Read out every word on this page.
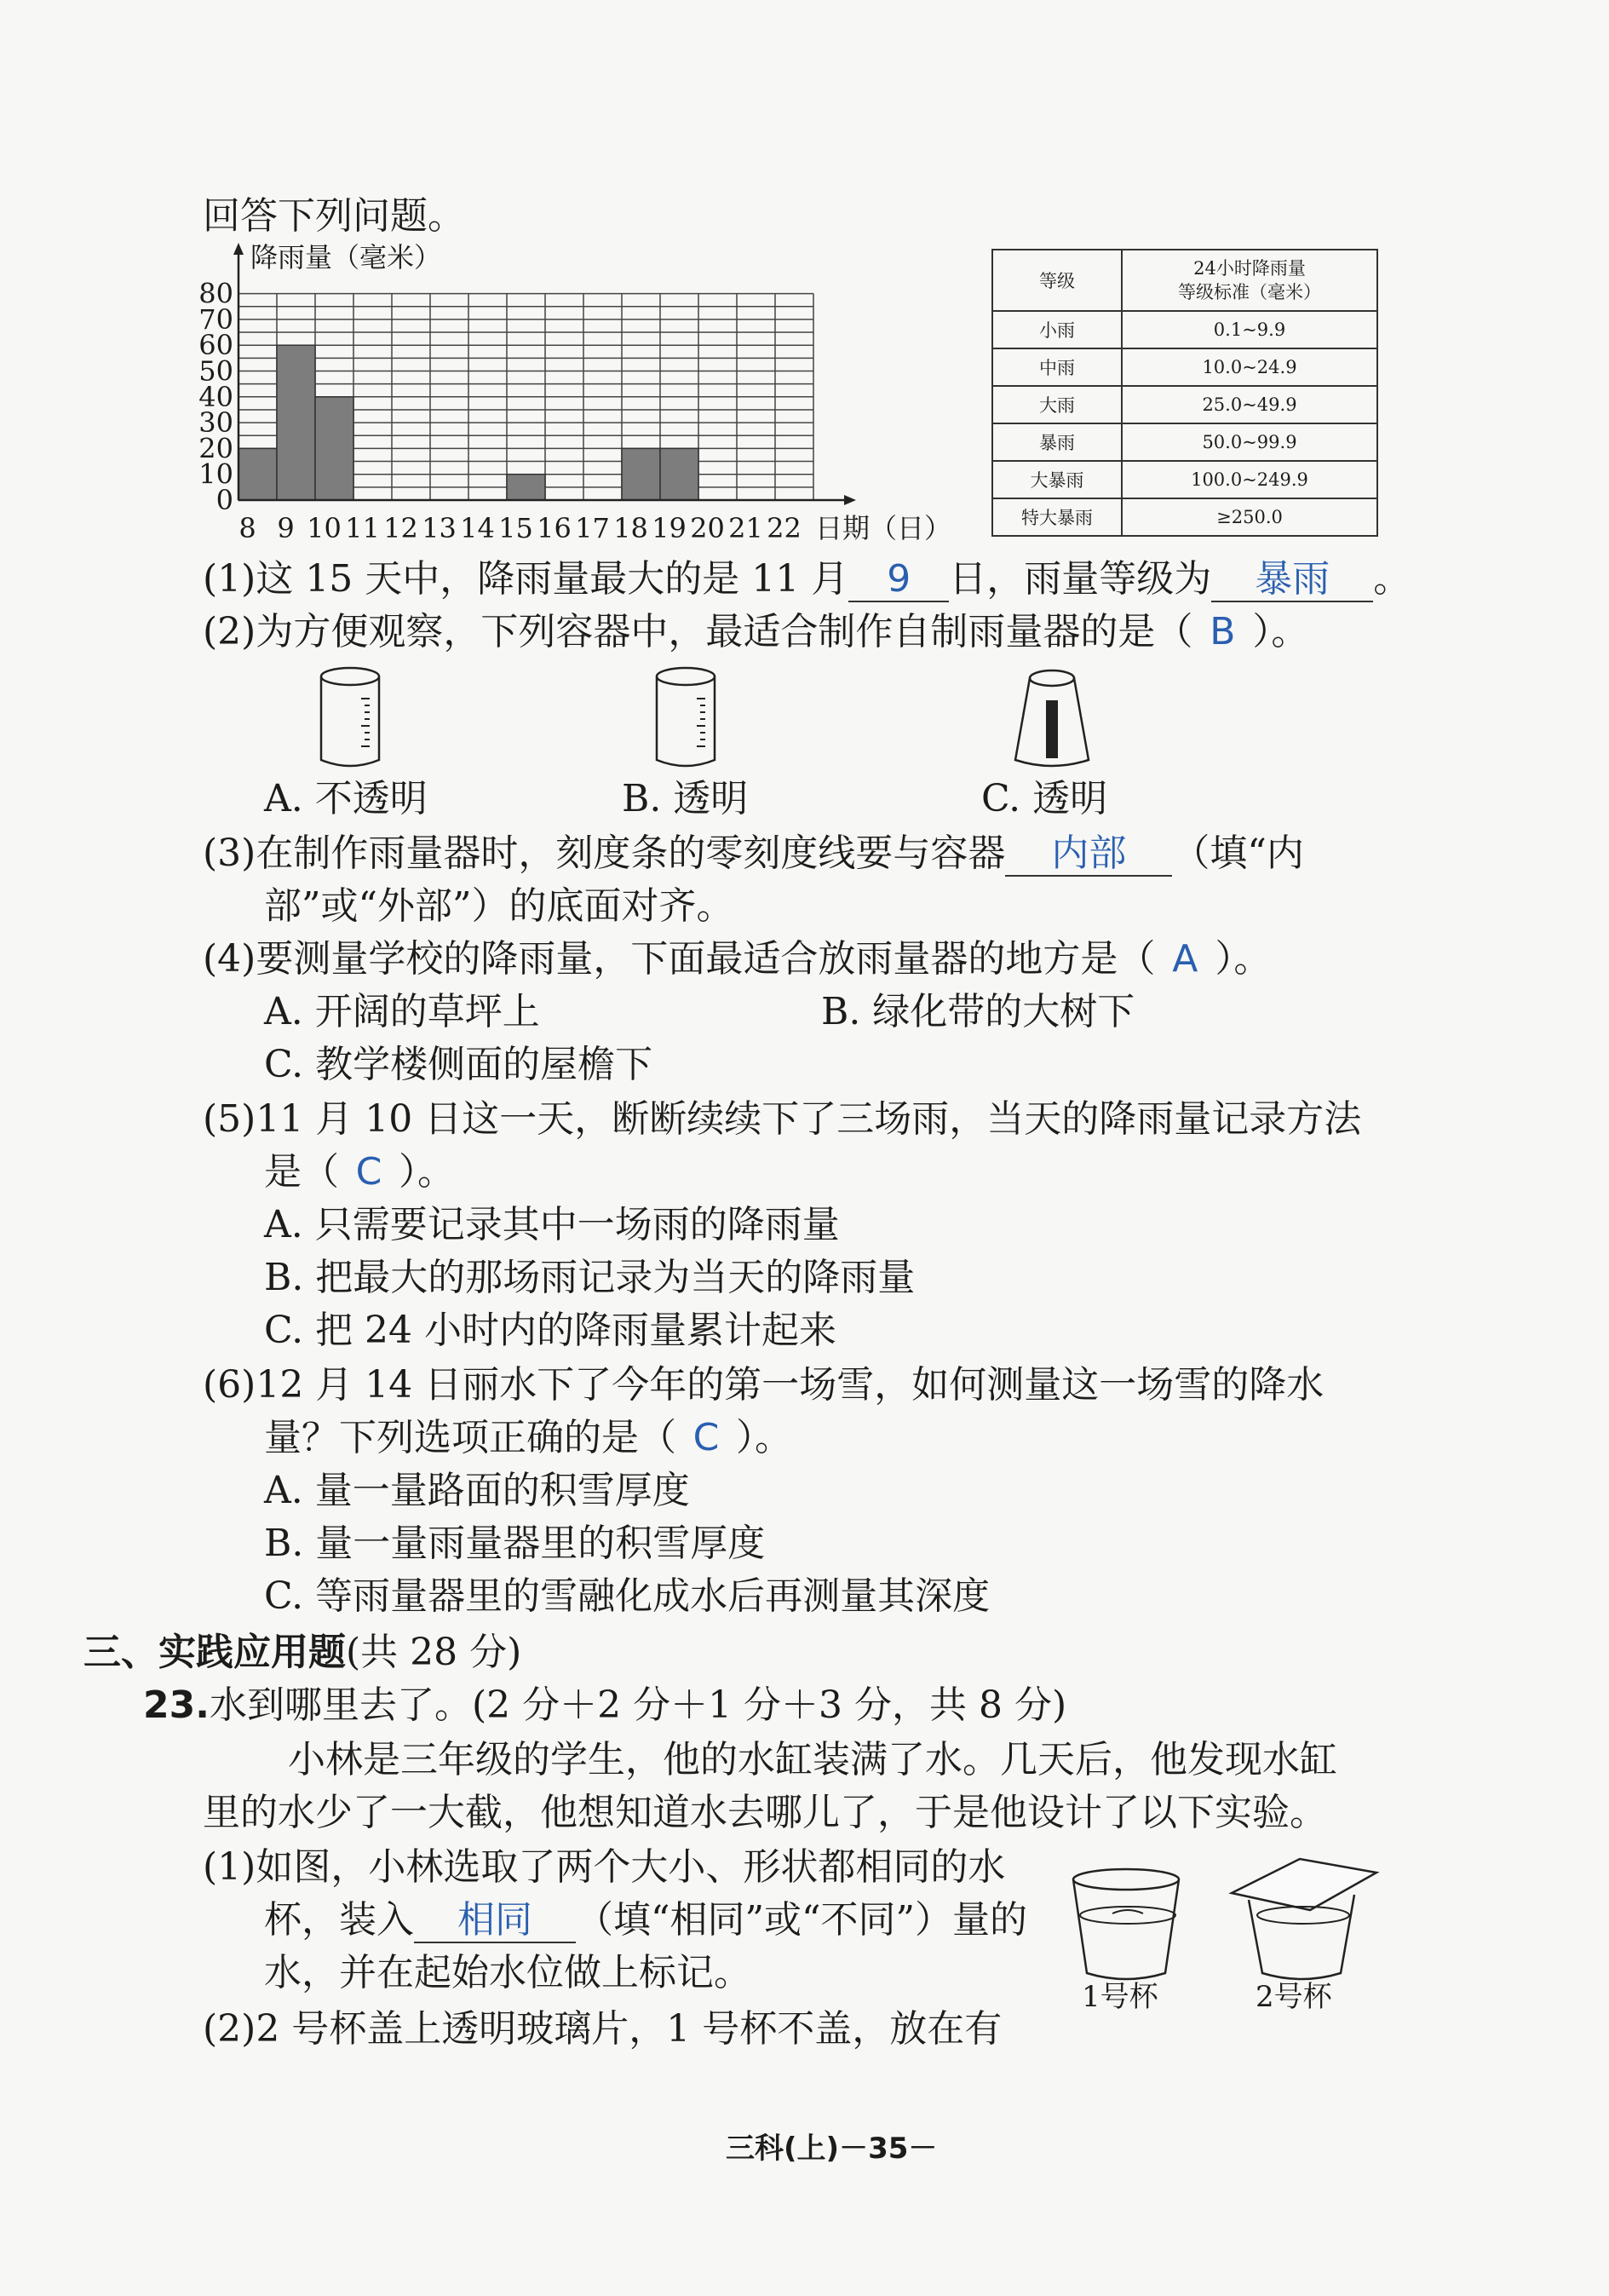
回答下列问题。
0
10
20
30
40
50
60
70
80
8 9 10 11 12 13 14 15 16 17 18 19 20 21 22
降雨量（毫米）
日期（日）
等级	24小时降雨量
等级标准（毫米）
小雨	0.1~9.9
中雨	10.0~24.9
大雨	25.0~49.9
暴雨	50.0~99.9
大暴雨	100.0~249.9
特大暴雨	≥250.0
(1)这 15 天中，降雨量最大的是 11 月 9 日，雨量等级为 暴雨 。
(2)为方便观察，下列容器中，最适合制作自制雨量器的是（ B ）。
A. 不透明	B. 透明	C. 透明
(3)在制作雨量器时，刻度条的零刻度线要与容器 内部 （填“内
部”或“外部”）的底面对齐。
(4)要测量学校的降雨量，下面最适合放雨量器的地方是（ A ）。
A. 开阔的草坪上	B. 绿化带的大树下
C. 教学楼侧面的屋檐下
(5)11 月 10 日这一天，断断续续下了三场雨，当天的降雨量记录方法
是（ C ）。
A. 只需要记录其中一场雨的降雨量
B. 把最大的那场雨记录为当天的降雨量
C. 把 24 小时内的降雨量累计起来
(6)12 月 14 日丽水下了今年的第一场雪，如何测量这一场雪的降水
量？下列选项正确的是（ C ）。
A. 量一量路面的积雪厚度
B. 量一量雨量器里的积雪厚度
C. 等雨量器里的雪融化成水后再测量其深度
三、实践应用题(共 28 分)
23.水到哪里去了。(2 分＋2 分＋1 分＋3 分，共 8 分)
小林是三年级的学生，他的水缸装满了水。几天后，他发现水缸
里的水少了一大截，他想知道水去哪儿了，于是他设计了以下实验。
(1)如图，小林选取了两个大小、形状都相同的水
杯，装入 相同 （填“相同”或“不同”）量的
水，并在起始水位做上标记。
(2)2 号杯盖上透明玻璃片，1 号杯不盖，放在有
1号杯	2号杯
三科(上)－35－
